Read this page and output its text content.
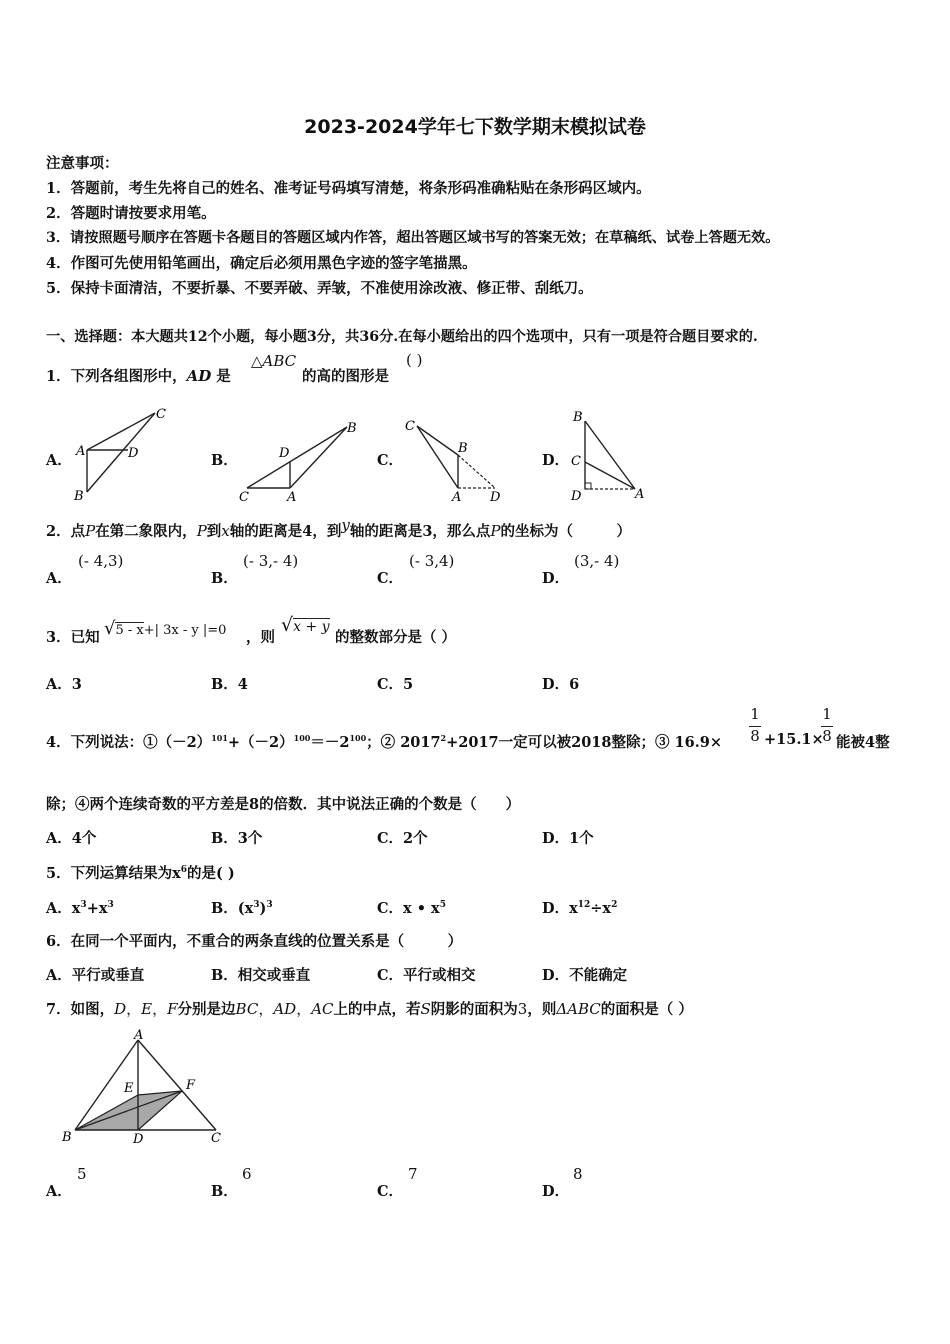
2023-2024学年七下数学期末模拟试卷
注意事项：
1．答题前，考生先将自己的姓名、准考证号码填写清楚，将条形码准确粘贴在条形码区域内。
2．答题时请按要求用笔。
3．请按照题号顺序在答题卡各题目的答题区域内作答，超出答题区域书写的答案无效；在草稿纸、试卷上答题无效。
4．作图可先使用铅笔画出，确定后必须用黑色字迹的签字笔描黑。
5．保持卡面清洁，不要折暴、不要弄破、弄皱，不准使用涂改液、修正带、刮纸刀。
一、选择题：本大题共12个小题，每小题3分，共36分.在每小题给出的四个选项中，只有一项是符合题目要求的.
1．下列各组图形中，AD 是
△ABC
的高的图形是
( )
A．	B．	C．	D．
C
A	D
B
B
D
C	A
C
B
A D
B
C
D	A
2．点P在第二象限内，P到x轴的距离是4，到y轴的距离是3，那么点P的坐标为（　　　）
A．
(- 4,3)
B．
(- 3,- 4)
C．
(- 3,4)
D．
(3,- 4)
3．已知 √5 - x+| 3x - y |=0 ，则
√x + y
的整数部分是（ ）
A．3	B．4	C．5	D．6
4．下列说法：$①(-2)^{101}+(-2)^{100}=-2^{100}$；② $2017^2+2017$一定可以被2018整除；③ $16.9\times \frac{1}{8} +15.1\times$
$\frac{1}{8}$ 能被4整
除；④两个连续奇数的平方差是8的倍数．其中说法正确的个数是（　　）
A．4个	B．3个	C．2个	D．1个
5．下列运算结果为$x^6$的是( )
A．$x^3+x^3$	B．$(x^3)^3$	C．x • $x^5$	D．$x^{12}\div x^2$
6．在同一个平面内，不重合的两条直线的位置关系是（　　　）
A．平行或垂直	B．相交或垂直	C．平行或相交	D．不能确定
7．如图，D，E，F分别是边BC，AD，AC上的中点，若S阴影的面积为3，则ΔABC的面积是（ ）
A
E	F
B	D	C
A．
5
B．
6
C．
7
D．
8
